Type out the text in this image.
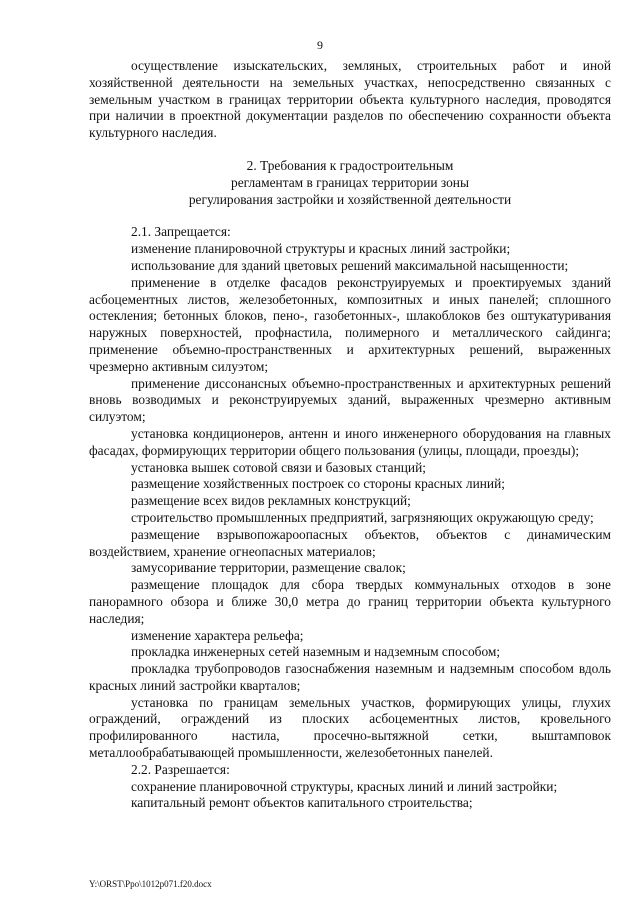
9

осуществление изыскательских, земляных, строительных работ и иной хозяйственной деятельности на земельных участках, непосредственно связанных с земельным участком в границах территории объекта культурного наследия, проводятся при наличии в проектной документации разделов по обеспечению сохранности объекта культурного наследия.

2. Требования к градостроительным

регламентам в границах территории зоны

регулирования застройки и хозяйственной деятельности

2.1. Запрещается:

изменение планировочной структуры и красных линий застройки;

использование для зданий цветовых решений максимальной насыщенности;

применение в отделке фасадов реконструируемых и проектируемых зданий асбоцементных листов, железобетонных, композитных и иных панелей; сплошного остекления; бетонных блоков, пено-, газобетонных-, шлакоблоков без оштукатуривания наружных поверхностей, профнастила, полимерного и металлического сайдинга; применение объемно-пространственных и архитектурных решений, выраженных чрезмерно активным силуэтом;

применение диссонансных объемно-пространственных и архитектурных решений вновь возводимых и реконструируемых зданий, выраженных чрезмерно активным силуэтом;

установка кондиционеров, антенн и иного инженерного оборудования на главных фасадах, формирующих территории общего пользования (улицы, площади, проезды);

установка вышек сотовой связи и базовых станций;

размещение хозяйственных построек со стороны красных линий;

размещение всех видов рекламных конструкций;

строительство промышленных предприятий, загрязняющих окружающую среду;

размещение взрывопожароопасных объектов, объектов с динамическим воздействием, хранение огнеопасных материалов;

замусоривание территории, размещение свалок;

размещение площадок для сбора твердых коммунальных отходов в зоне панорамного обзора и ближе 30,0 метра до границ территории объекта культурного наследия;

изменение характера рельефа;

прокладка инженерных сетей наземным и надземным способом;

прокладка трубопроводов газоснабжения наземным и надземным способом вдоль красных линий застройки кварталов;

установка по границам земельных участков, формирующих улицы, глухих ограждений, ограждений из плоских асбоцементных листов, кровельного профилированного настила, просечно-вытяжной сетки, выштамповок металлообрабатывающей промышленности, железобетонных панелей.

2.2. Разрешается:

сохранение планировочной структуры, красных линий и линий застройки;

капитальный ремонт объектов капитального строительства;

Y:\ORST\Ppo\1012p071.f20.docx
